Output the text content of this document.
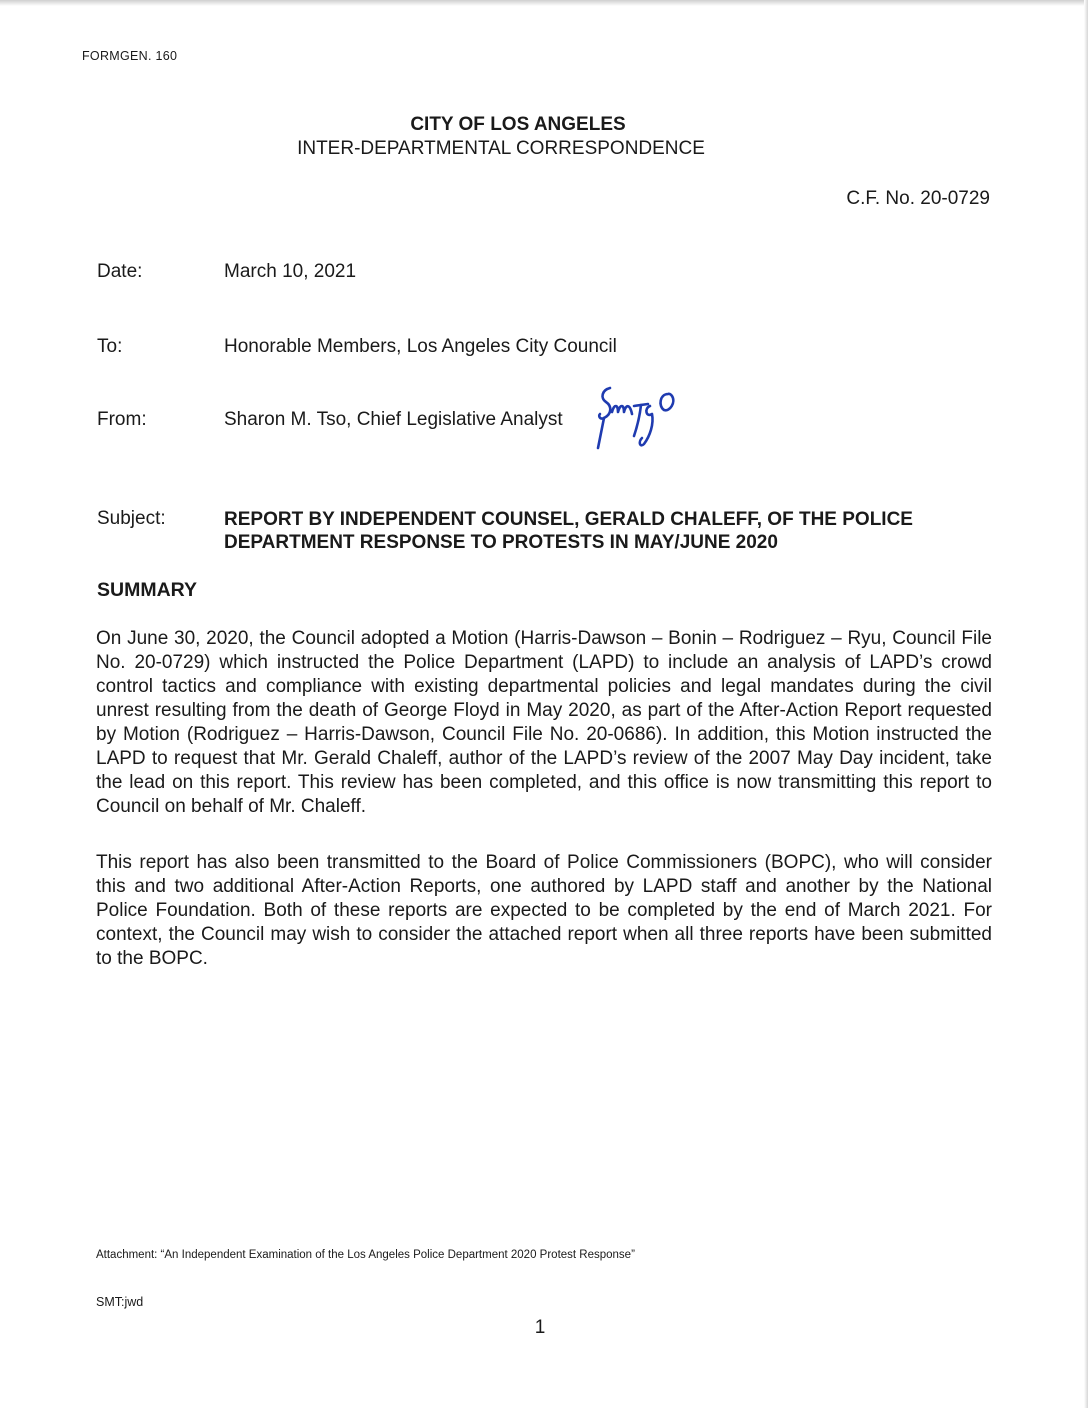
FORMGEN. 160
CITY OF LOS ANGELES
INTER-DEPARTMENTAL CORRESPONDENCE
C.F. No. 20-0729
Date:	March 10, 2021
To:	Honorable Members, Los Angeles City Council
From:	Sharon M. Tso, Chief Legislative Analyst
Subject:	REPORT BY INDEPENDENT COUNSEL, GERALD CHALEFF, OF THE POLICE
DEPARTMENT RESPONSE TO PROTESTS IN MAY/JUNE 2020
SUMMARY
On June 30, 2020, the Council adopted a Motion (Harris-Dawson – Bonin – Rodriguez – Ryu, Council File No. 20-0729) which instructed the Police Department (LAPD) to include an analysis of LAPD’s crowd control tactics and compliance with existing departmental policies and legal mandates during the civil unrest resulting from the death of George Floyd in May 2020, as part of the After-Action Report requested by Motion (Rodriguez – Harris-Dawson, Council File No. 20-0686). In addition, this Motion instructed the LAPD to request that Mr. Gerald Chaleff, author of the LAPD’s review of the 2007 May Day incident, take the lead on this report. This review has been completed, and this office is now transmitting this report to Council on behalf of Mr. Chaleff.
This report has also been transmitted to the Board of Police Commissioners (BOPC), who will consider this and two additional After-Action Reports, one authored by LAPD staff and another by the National Police Foundation. Both of these reports are expected to be completed by the end of March 2021. For context, the Council may wish to consider the attached report when all three reports have been submitted to the BOPC.
Attachment: “An Independent Examination of the Los Angeles Police Department 2020 Protest Response”
SMT:jwd
1
